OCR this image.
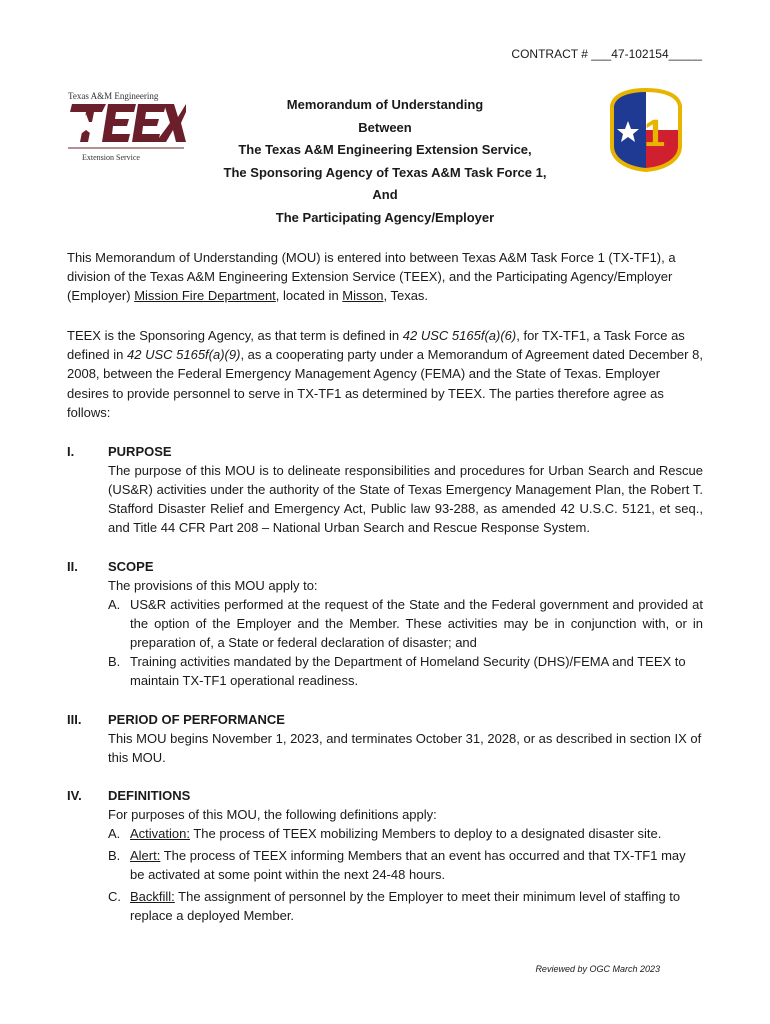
CONTRACT # ___47-102154_____
Texas A&M Engineering
Extension Service
1
Memorandum of Understanding
Between
The Texas A&M Engineering Extension Service,
The Sponsoring Agency of Texas A&M Task Force 1,
And
The Participating Agency/Employer
This Memorandum of Understanding (MOU) is entered into between Texas A&M Task Force 1 (TX-TF1), a division of the Texas A&M Engineering Extension Service (TEEX), and the Participating Agency/Employer (Employer) Mission Fire Department, located in Misson, Texas.
TEEX is the Sponsoring Agency, as that term is defined in 42 USC 5165f(a)(6), for TX-TF1, a Task Force as defined in 42 USC 5165f(a)(9), as a cooperating party under a Memorandum of Agreement dated December 8, 2008, between the Federal Emergency Management Agency (FEMA) and the State of Texas. Employer desires to provide personnel to serve in TX-TF1 as determined by TEEX. The parties therefore agree as follows:
I.	PURPOSE
The purpose of this MOU is to delineate responsibilities and procedures for Urban Search and Rescue (US&R) activities under the authority of the State of Texas Emergency Management Plan, the Robert T. Stafford Disaster Relief and Emergency Act, Public law 93-288, as amended 42 U.S.C. 5121, et seq., and Title 44 CFR Part 208 – National Urban Search and Rescue Response System.
II. SCOPE
The provisions of this MOU apply to:
A. US&R activities performed at the request of the State and the Federal government and provided at the option of the Employer and the Member. These activities may be in conjunction with, or in preparation of, a State or federal declaration of disaster; and
B. Training activities mandated by the Department of Homeland Security (DHS)/FEMA and TEEX to maintain TX-TF1 operational readiness.
III. PERIOD OF PERFORMANCE
This MOU begins November 1, 2023, and terminates October 31, 2028, or as described in section IX of this MOU.
IV. DEFINITIONS
For purposes of this MOU, the following definitions apply:
A. Activation: The process of TEEX mobilizing Members to deploy to a designated disaster site.
B. Alert: The process of TEEX informing Members that an event has occurred and that TX-TF1 may be activated at some point within the next 24-48 hours.
C. Backfill: The assignment of personnel by the Employer to meet their minimum level of staffing to replace a deployed Member.
Reviewed by OGC March 2023
